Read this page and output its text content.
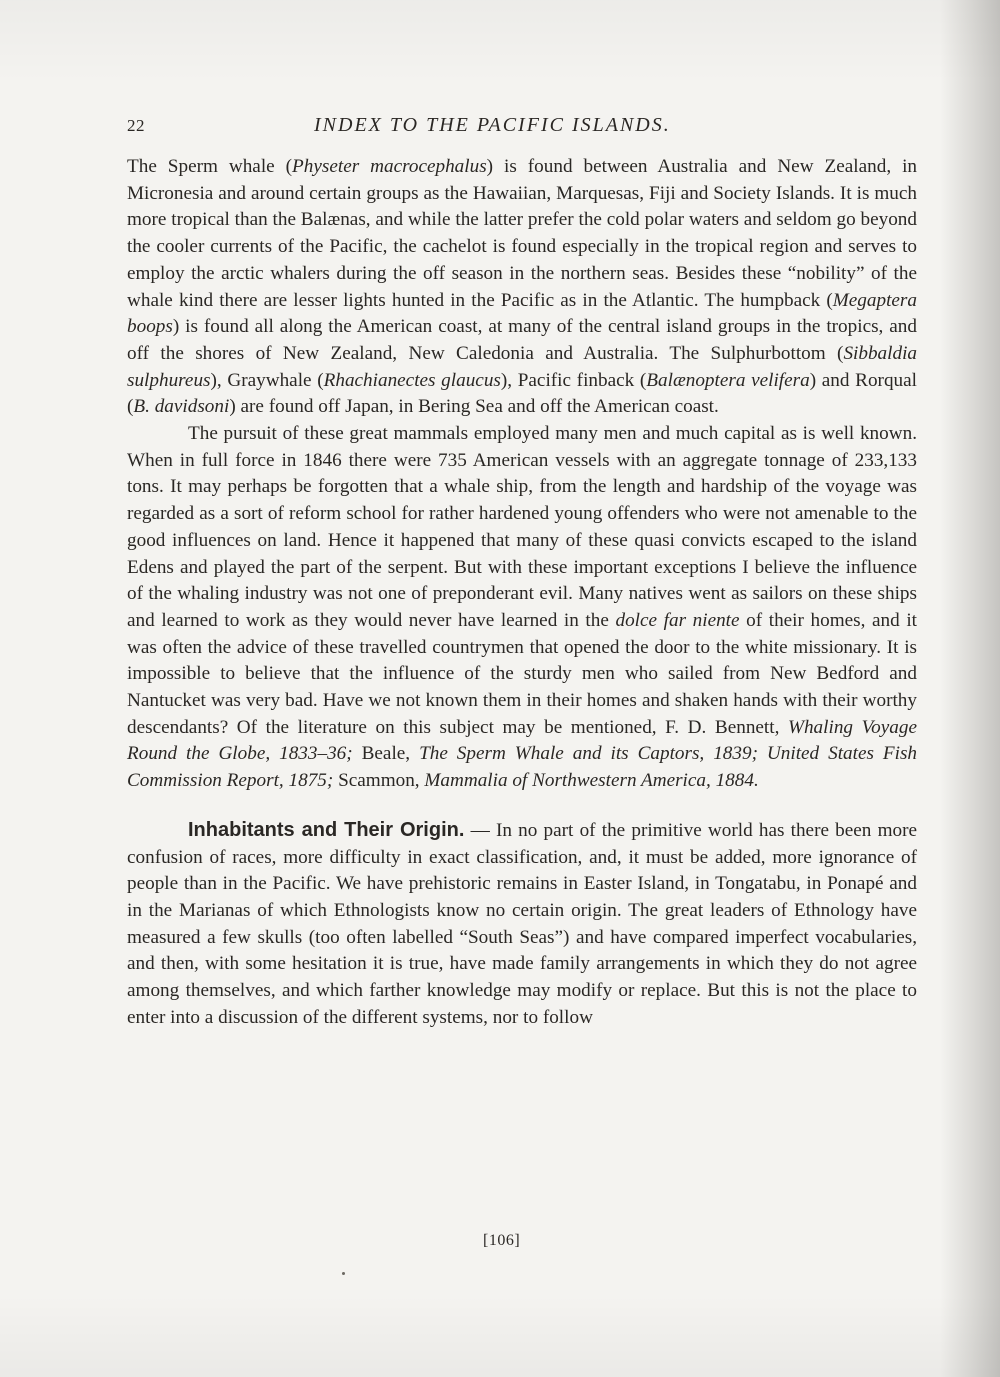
22	INDEX TO THE PACIFIC ISLANDS.

The Sperm whale (Physeter macrocephalus) is found between Australia and New Zealand, in Micronesia and around certain groups as the Hawaiian, Marquesas, Fiji and Society Islands. It is much more tropical than the Balænas, and while the latter prefer the cold polar waters and seldom go beyond the cooler currents of the Pacific, the cachelot is found especially in the tropical region and serves to employ the arctic whalers during the off season in the northern seas. Besides these “nobility” of the whale kind there are lesser lights hunted in the Pacific as in the Atlantic. The humpback (Megaptera boops) is found all along the American coast, at many of the central island groups in the tropics, and off the shores of New Zealand, New Caledonia and Australia. The Sulphurbottom (Sibbaldia sulphureus), Graywhale (Rhachianectes glaucus), Pacific finback (Balænoptera velifera) and Rorqual (B. davidsoni) are found off Japan, in Bering Sea and off the American coast.

The pursuit of these great mammals employed many men and much capital as is well known. When in full force in 1846 there were 735 American vessels with an aggregate tonnage of 233,133 tons. It may perhaps be forgotten that a whale ship, from the length and hardship of the voyage was regarded as a sort of reform school for rather hardened young offenders who were not amenable to the good influences on land. Hence it happened that many of these quasi convicts escaped to the island Edens and played the part of the serpent. But with these important exceptions I believe the influence of the whaling industry was not one of preponderant evil. Many natives went as sailors on these ships and learned to work as they would never have learned in the dolce far niente of their homes, and it was often the advice of these travelled countrymen that opened the door to the white missionary. It is impossible to believe that the influence of the sturdy men who sailed from New Bedford and Nantucket was very bad. Have we not known them in their homes and shaken hands with their worthy descendants? Of the literature on this subject may be mentioned, F. D. Bennett, Whaling Voyage Round the Globe, 1833–36; Beale, The Sperm Whale and its Captors, 1839; United States Fish Commission Report, 1875; Scammon, Mammalia of Northwestern America, 1884.

Inhabitants and Their Origin. — In no part of the primitive world has there been more confusion of races, more difficulty in exact classification, and, it must be added, more ignorance of people than in the Pacific. We have prehistoric remains in Easter Island, in Tongatabu, in Ponapé and in the Marianas of which Ethnologists know no certain origin. The great leaders of Ethnology have measured a few skulls (too often labelled “South Seas”) and have compared imperfect vocabularies, and then, with some hesitation it is true, have made family arrangements in which they do not agree among themselves, and which farther knowledge may modify or replace. But this is not the place to enter into a discussion of the different systems, nor to follow

[106]
